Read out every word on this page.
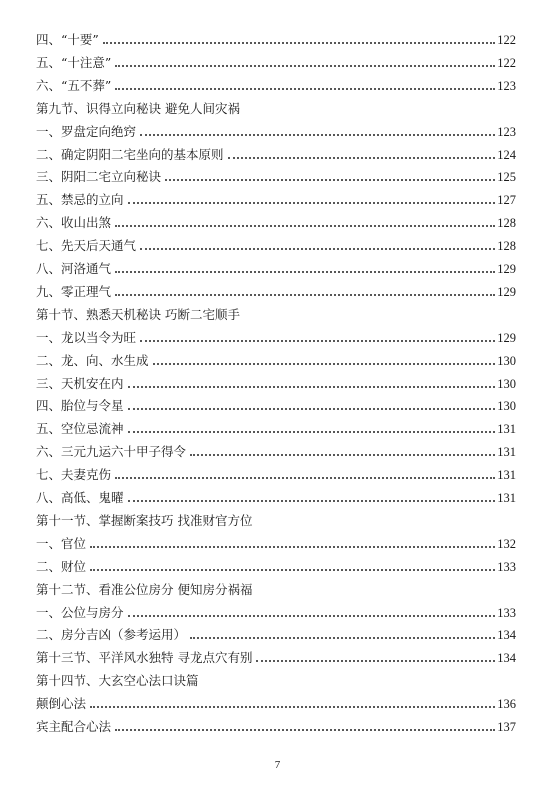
四、“十要”	122
五、“十注意”	122
六、“五不葬”	123
第九节、识得立向秘诀 避免人间灾祸
一、罗盘定向绝窍	123
二、确定阴阳二宅坐向的基本原则	124
三、阴阳二宅立向秘诀	125
五、禁忌的立向	127
六、收山出煞	128
七、先天后天通气	128
八、河洛通气	129
九、零正理气	129
第十节、熟悉天机秘诀 巧断二宅顺手
一、龙以当令为旺	129
二、龙、向、水生成	130
三、天机安在内	130
四、胎位与令星	130
五、空位忌流神	131
六、三元九运六十甲子得令	131
七、夫妻克伤	131
八、高低、鬼曜	131
第十一节、掌握断案技巧 找准财官方位
一、官位	132
二、财位	133
第十二节、看准公位房分 便知房分祸福
一、公位与房分	133
二、房分吉凶（参考运用）	134
第十三节、平洋风水独特 寻龙点穴有别	134
第十四节、大玄空心法口诀篇
颠倒心法	136
宾主配合心法	137
7
